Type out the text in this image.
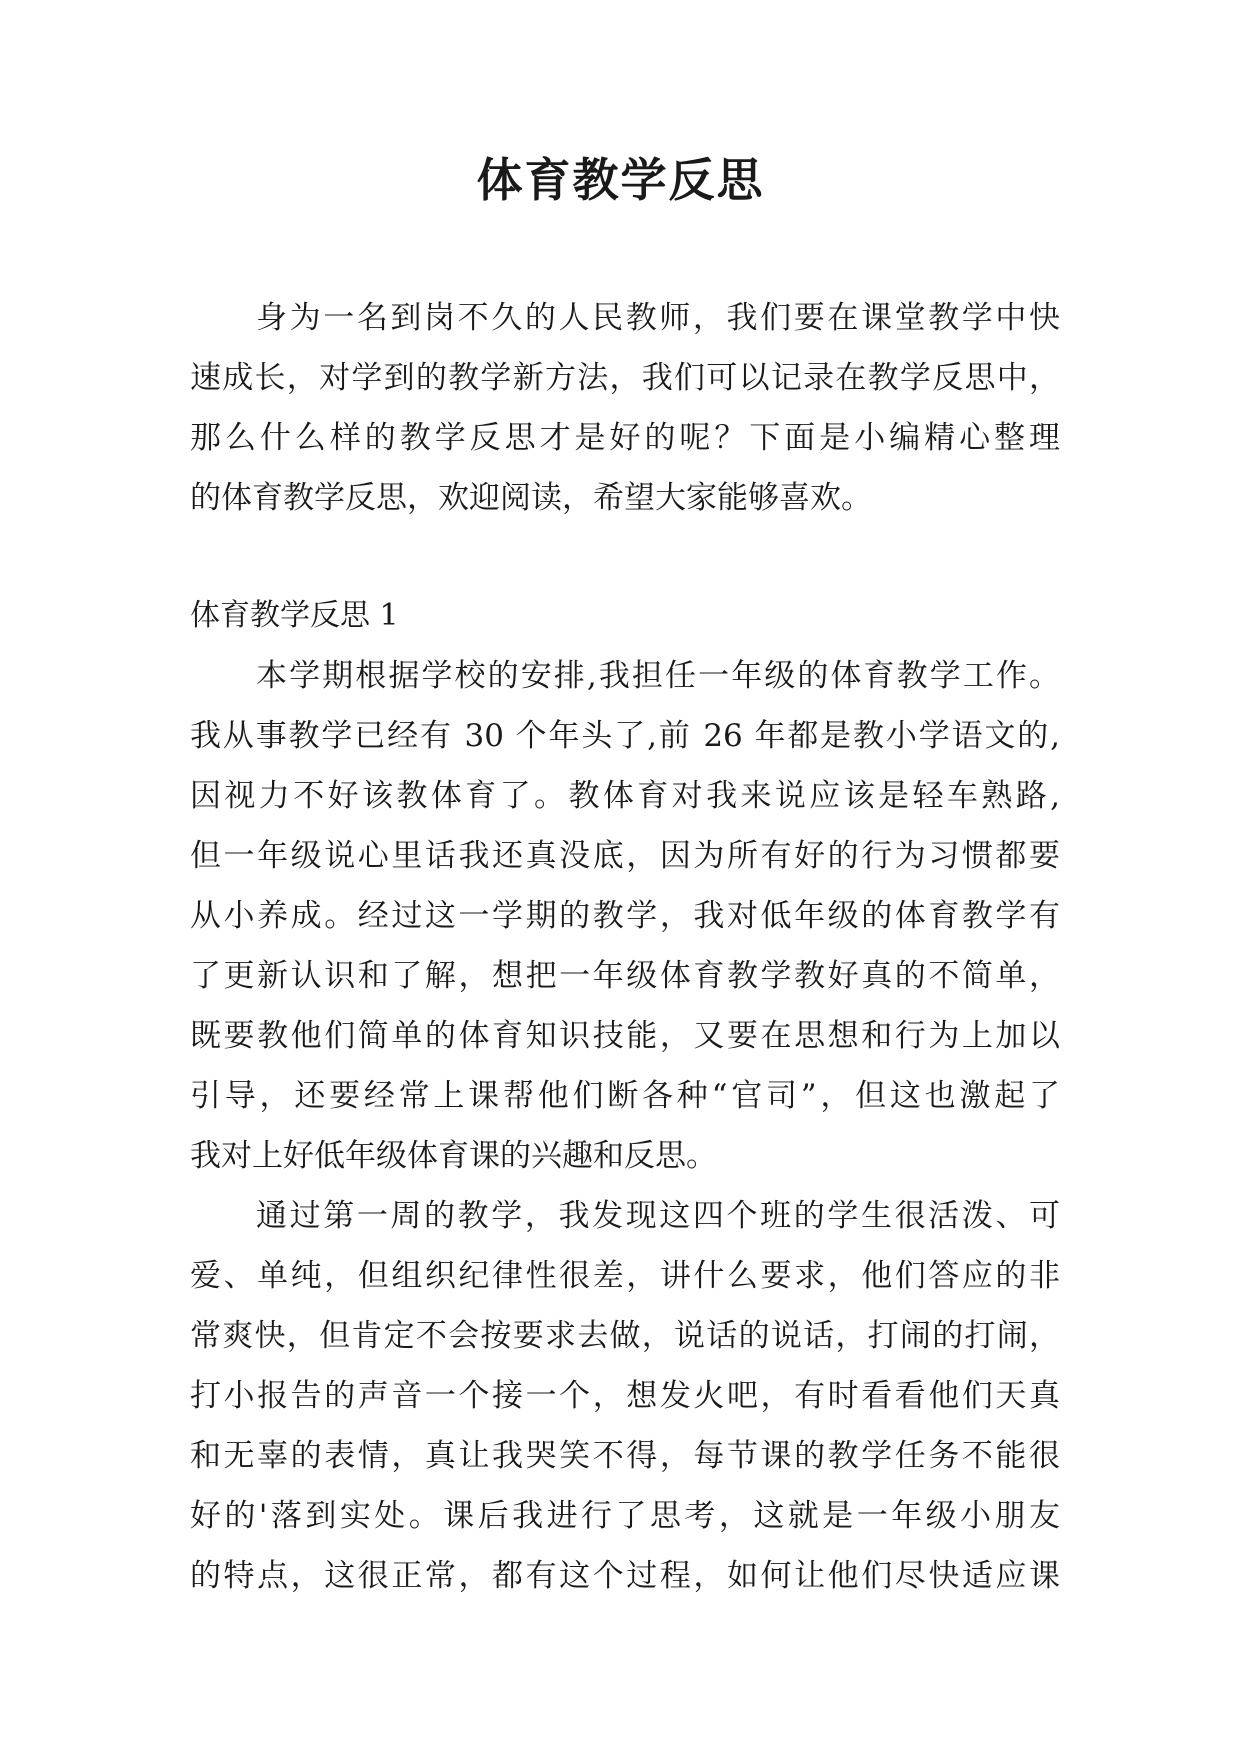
体育教学反思
身为一名到岗不久的人民教师，我们要在课堂教学中快
速成长，对学到的教学新方法，我们可以记录在教学反思中，
那么什么样的教学反思才是好的呢？下面是小编精心整理
的体育教学反思，欢迎阅读，希望大家能够喜欢。
体育教学反思 1
本学期根据学校的安排,我担任一年级的体育教学工作。
我从事教学已经有 30 个年头了,前 26 年都是教小学语文的,
因视力不好该教体育了。教体育对我来说应该是轻车熟路,
但一年级说心里话我还真没底，因为所有好的行为习惯都要
从小养成。经过这一学期的教学，我对低年级的体育教学有
了更新认识和了解，想把一年级体育教学教好真的不简单，
既要教他们简单的体育知识技能，又要在思想和行为上加以
引导，还要经常上课帮他们断各种“官司”，但这也激起了
我对上好低年级体育课的兴趣和反思。
通过第一周的教学，我发现这四个班的学生很活泼、可
爱、单纯，但组织纪律性很差，讲什么要求，他们答应的非
常爽快，但肯定不会按要求去做，说话的说话，打闹的打闹，
打小报告的声音一个接一个，想发火吧，有时看看他们天真
和无辜的表情，真让我哭笑不得，每节课的教学任务不能很
好的'落到实处。课后我进行了思考，这就是一年级小朋友
的特点，这很正常，都有这个过程，如何让他们尽快适应课
